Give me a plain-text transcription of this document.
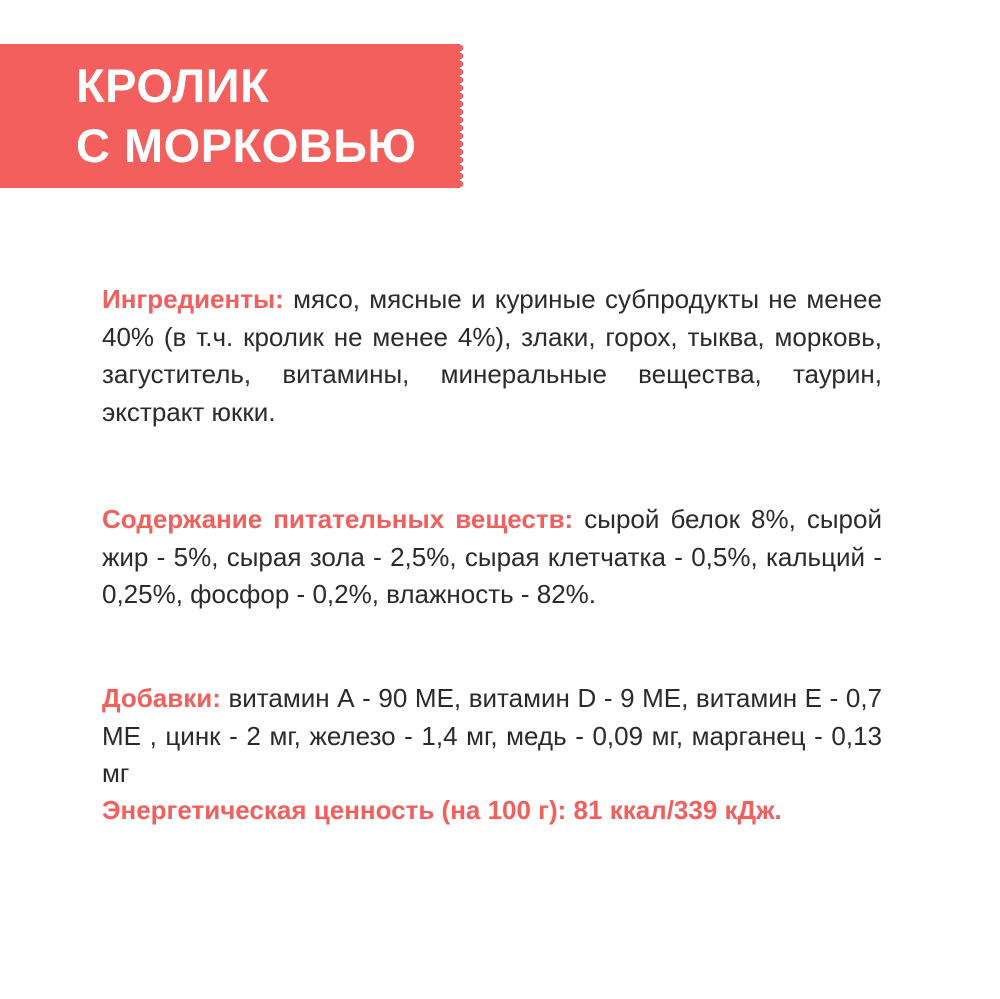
КРОЛИК
С МОРКОВЬЮ

Ингредиенты: мясо, мясные и куриные субпродукты не менее 40% (в т.ч. кролик не менее 4%), злаки, горох, тыква, морковь, загуститель, витамины, минеральные вещества, таурин, экстракт юкки.

Содержание питательных веществ: сырой белок 8%, сырой жир - 5%, сырая зола - 2,5%, сырая клетчатка - 0,5%, кальций - 0,25%, фосфор - 0,2%, влажность - 82%.

Добавки: витамин А - 90 МЕ, витамин D - 9 МЕ, витамин Е - 0,7 МЕ , цинк - 2 мг, железо - 1,4 мг, медь - 0,09 мг, марганец - 0,13 мг

Энергетическая ценность (на 100 г): 81 ккал/339 кДж.
